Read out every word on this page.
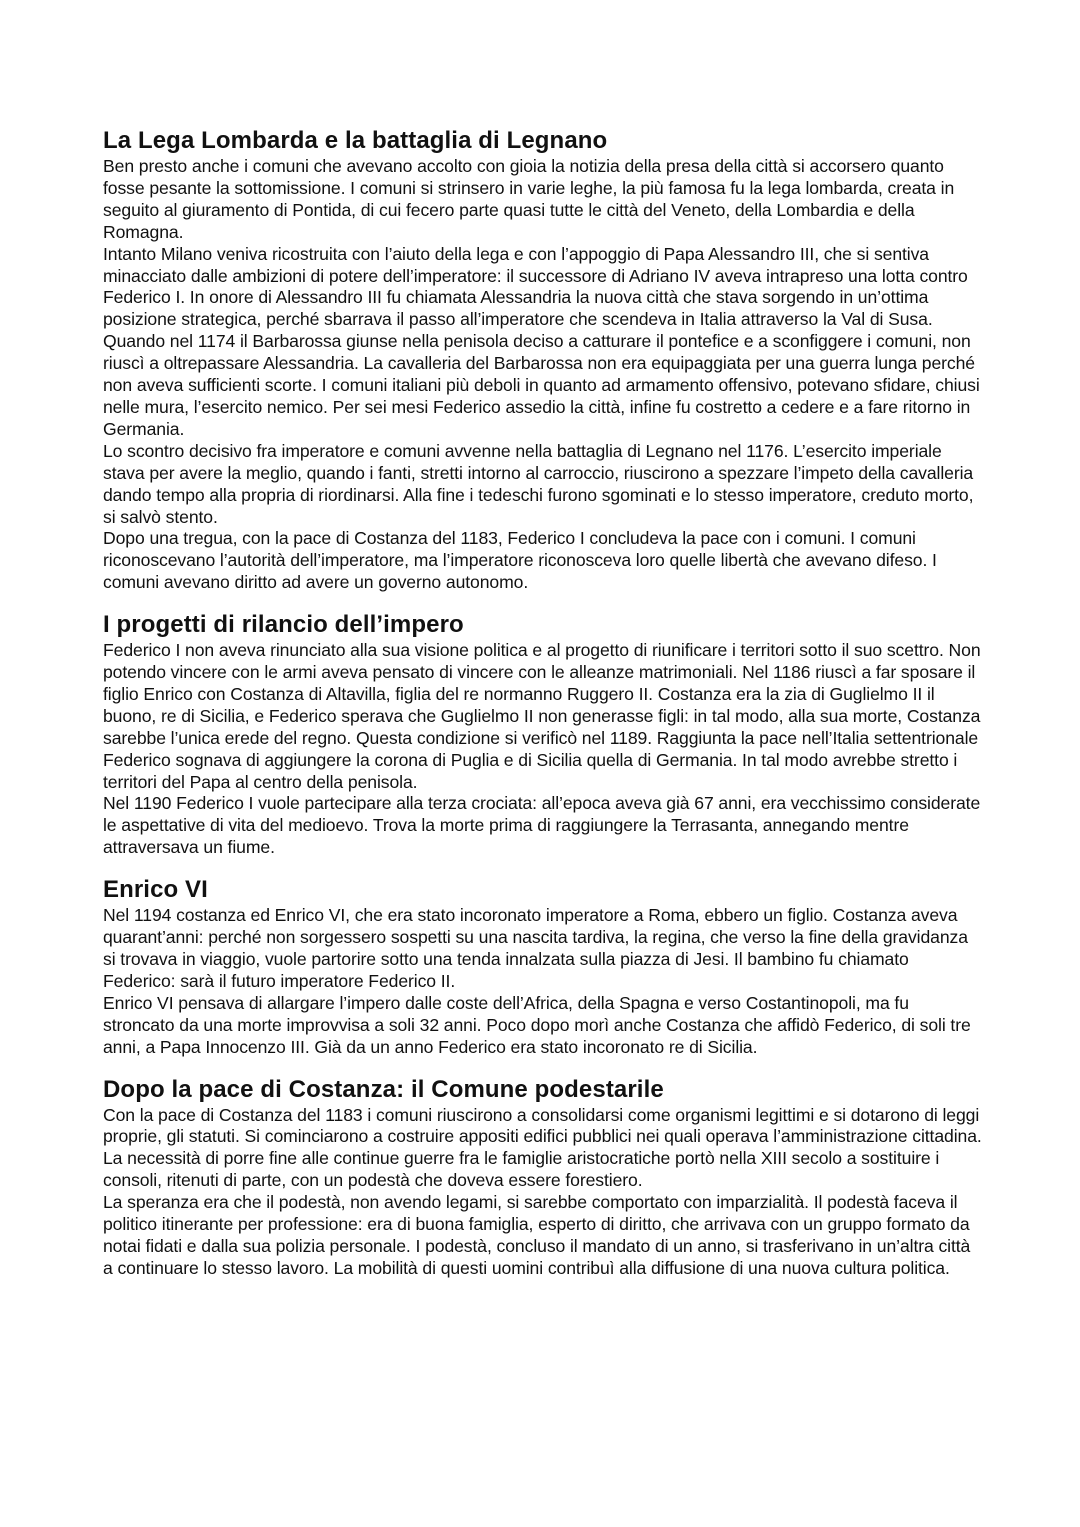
La Lega Lombarda e la battaglia di Legnano

Ben presto anche i comuni che avevano accolto con gioia la notizia della presa della città si accorsero quanto fosse pesante la sottomissione. I comuni si strinsero in varie leghe, la più famosa fu la lega lombarda, creata in seguito al giuramento di Pontida, di cui fecero parte quasi tutte le città del Veneto, della Lombardia e della Romagna.

Intanto Milano veniva ricostruita con l’aiuto della lega e con l’appoggio di Papa Alessandro III, che si sentiva minacciato dalle ambizioni di potere dell’imperatore: il successore di Adriano IV aveva intrapreso una lotta contro Federico I. In onore di Alessandro III fu chiamata Alessandria la nuova città che stava sorgendo in un’ottima posizione strategica, perché sbarrava il passo all’imperatore che scendeva in Italia attraverso la Val di Susa.

Quando nel 1174 il Barbarossa giunse nella penisola deciso a catturare il pontefice e a sconfiggere i comuni, non riuscì a oltrepassare Alessandria. La cavalleria del Barbarossa non era equipaggiata per una guerra lunga perché non aveva sufficienti scorte. I comuni italiani più deboli in quanto ad armamento offensivo, potevano sfidare, chiusi nelle mura, l’esercito nemico. Per sei mesi Federico assedio la città, infine fu costretto a cedere e a fare ritorno in Germania.

Lo scontro decisivo fra imperatore e comuni avvenne nella battaglia di Legnano nel 1176. L’esercito imperiale stava per avere la meglio, quando i fanti, stretti intorno al carroccio, riuscirono a spezzare l’impeto della cavalleria dando tempo alla propria di riordinarsi. Alla fine i tedeschi furono sgominati e lo stesso imperatore, creduto morto, si salvò stento.

Dopo una tregua, con la pace di Costanza del 1183, Federico I concludeva la pace con i comuni. I comuni riconoscevano l’autorità dell’imperatore, ma l’imperatore riconosceva loro quelle libertà che avevano difeso. I comuni avevano diritto ad avere un governo autonomo.

I progetti di rilancio dell’impero

Federico I non aveva rinunciato alla sua visione politica e al progetto di riunificare i territori sotto il suo scettro. Non potendo vincere con le armi aveva pensato di vincere con le alleanze matrimoniali. Nel 1186 riuscì a far sposare il figlio Enrico con Costanza di Altavilla, figlia del re normanno Ruggero II. Costanza era la zia di Guglielmo II il buono, re di Sicilia, e Federico sperava che Guglielmo II non generasse figli: in tal modo, alla sua morte, Costanza sarebbe l’unica erede del regno. Questa condizione si verificò nel 1189. Raggiunta la pace nell’Italia settentrionale Federico sognava di aggiungere la corona di Puglia e di Sicilia quella di Germania. In tal modo avrebbe stretto i territori del Papa al centro della penisola.

Nel 1190 Federico I vuole partecipare alla terza crociata: all’epoca aveva già 67 anni, era vecchissimo considerate le aspettative di vita del medioevo. Trova la morte prima di raggiungere la Terrasanta, annegando mentre attraversava un fiume.

Enrico VI

Nel 1194 costanza ed Enrico VI, che era stato incoronato imperatore a Roma, ebbero un figlio. Costanza aveva quarant’anni: perché non sorgessero sospetti su una nascita tardiva, la regina, che verso la fine della gravidanza si trovava in viaggio, vuole partorire sotto una tenda innalzata sulla piazza di Jesi. Il bambino fu chiamato Federico: sarà il futuro imperatore Federico II.

Enrico VI pensava di allargare l’impero dalle coste dell’Africa, della Spagna e verso Costantinopoli, ma fu stroncato da una morte improvvisa a soli 32 anni. Poco dopo morì anche Costanza che affidò Federico, di soli tre anni, a Papa Innocenzo III. Già da un anno Federico era stato incoronato re di Sicilia.

Dopo la pace di Costanza: il Comune podestarile

Con la pace di Costanza del 1183 i comuni riuscirono a consolidarsi come organismi legittimi e si dotarono di leggi proprie, gli statuti. Si cominciarono a costruire appositi edifici pubblici nei quali operava l’amministrazione cittadina. La necessità di porre fine alle continue guerre fra le famiglie aristocratiche portò nella XIII secolo a sostituire i consoli, ritenuti di parte, con un podestà che doveva essere forestiero.

La speranza era che il podestà, non avendo legami, si sarebbe comportato con imparzialità. Il podestà faceva il politico itinerante per professione: era di buona famiglia, esperto di diritto, che arrivava con un gruppo formato da notai fidati e dalla sua polizia personale. I podestà, concluso il mandato di un anno, si trasferivano in un’altra città a continuare lo stesso lavoro. La mobilità di questi uomini contribuì alla diffusione di una nuova cultura politica.
